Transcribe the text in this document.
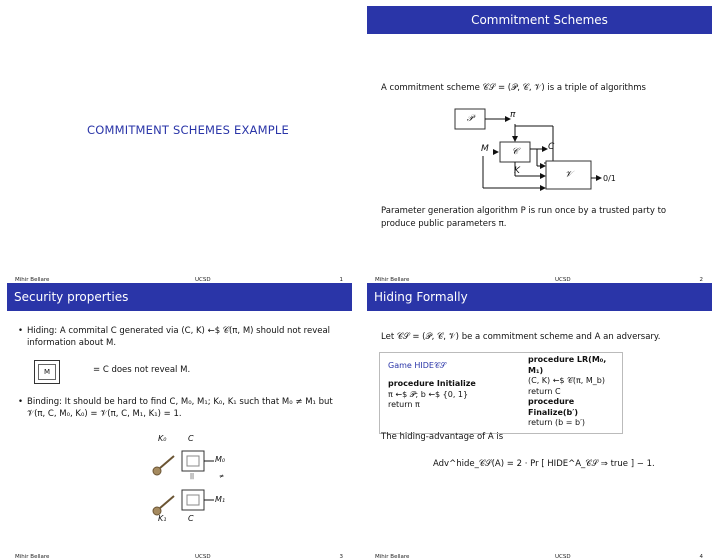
COMMITMENT SCHEMES EXAMPLE
Mihir Bellare	UCSD	1
Commitment Schemes
A commitment scheme 𝒞𝒮 = (𝒫, 𝒞, 𝒱) is a triple of algorithms
𝒫	π
M	𝒞	C
K	𝒱	0/1
Parameter generation algorithm P is run once by a trusted party to produce public parameters π.
Mihir Bellare	UCSD	2
Security properties
• Hiding: A commital C generated via (C, K) ←$ 𝒞(π, M) should not reveal information about M.
M	= C does not reveal M.
• Binding: It should be hard to find C, M₀, M₁; K₀, K₁ such that M₀ ≠ M₁ but 𝒱(π, C, M₀, K₀) = 𝒱(π, C, M₁, K₁) = 1.
K₀	C
M₀
||	≠
M₁
K₁	C
Mihir Bellare	UCSD	3
Hiding Formally
Let 𝒞𝒮 = (𝒫, 𝒞, 𝒱) be a commitment scheme and A an adversary.
Game HIDE𝒞𝒮
procedure Initialize
π ←$ 𝒫; b ←$ {0, 1}
return π
procedure LR(M₀, M₁)
(C, K) ←$ 𝒞(π, M_b)
return C
procedure Finalize(b′)
return (b = b′)
The hiding-advantage of A is
Adv^hide_𝒞𝒮(A) = 2 · Pr [ HIDE^A_𝒞𝒮 ⇒ true ] − 1.
Mihir Bellare	UCSD	4
